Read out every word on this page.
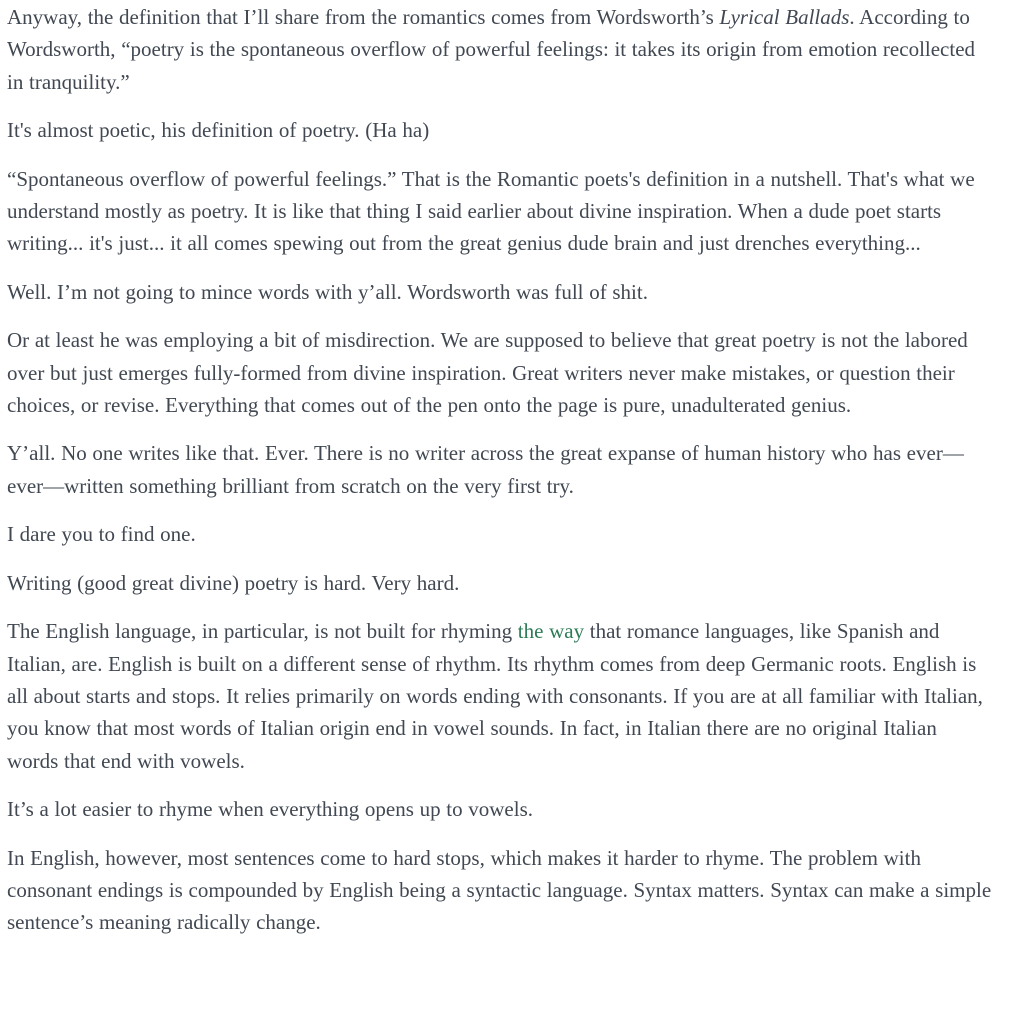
Anyway, the definition that I’ll share from the romantics comes from Wordsworth’s Lyrical Ballads. According to Wordsworth, “poetry is the spontaneous overflow of powerful feelings: it takes its origin from emotion recollected in tranquility.”

It's almost poetic, his definition of poetry. (Ha ha)

“Spontaneous overflow of powerful feelings.” That is the Romantic poets's definition in a nutshell. That's what we understand mostly as poetry. It is like that thing I said earlier about divine inspiration. When a dude poet starts writing... it's just... it all comes spewing out from the great genius dude brain and just drenches everything...

Well. I’m not going to mince words with y’all. Wordsworth was full of shit.

Or at least he was employing a bit of misdirection. We are supposed to believe that great poetry is not the labored over but just emerges fully-formed from divine inspiration. Great writers never make mistakes, or question their choices, or revise. Everything that comes out of the pen onto the page is pure, unadulterated genius.

Y’all. No one writes like that. Ever. There is no writer across the great expanse of human history who has ever—ever—written something brilliant from scratch on the very first try.

I dare you to find one.

Writing (good great divine) poetry is hard. Very hard.

The English language, in particular, is not built for rhyming the way that romance languages, like Spanish and Italian, are. English is built on a different sense of rhythm. Its rhythm comes from deep Germanic roots. English is all about starts and stops. It relies primarily on words ending with consonants. If you are at all familiar with Italian, you know that most words of Italian origin end in vowel sounds. In fact, in Italian there are no original Italian words that end with vowels.

It’s a lot easier to rhyme when everything opens up to vowels.

In English, however, most sentences come to hard stops, which makes it harder to rhyme. The problem with consonant endings is compounded by English being a syntactic language. Syntax matters. Syntax can make a simple sentence’s meaning radically change.
